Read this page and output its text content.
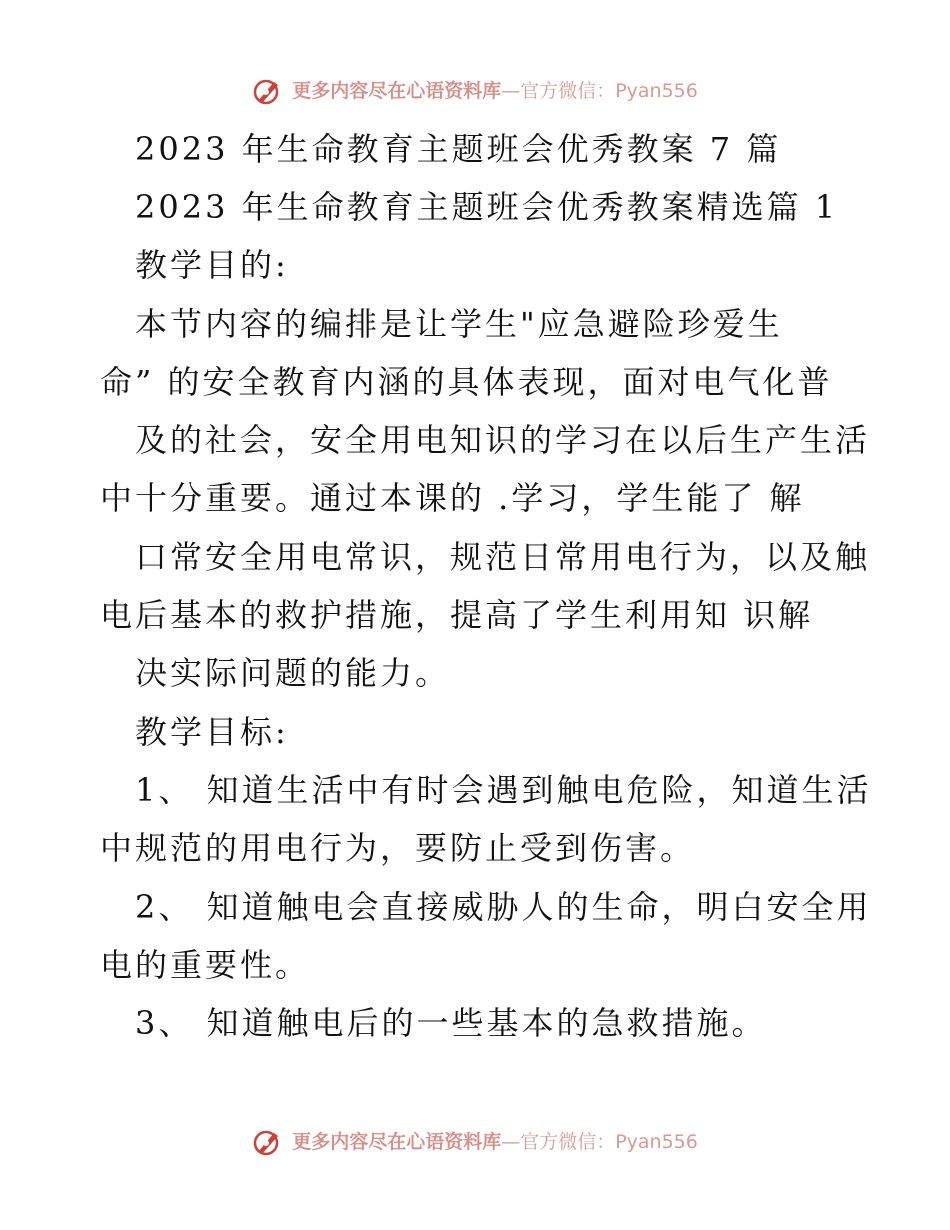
更多内容尽在心语资料库—官方微信：Pyan556
2023 年生命教育主题班会优秀教案 7 篇
2023 年生命教育主题班会优秀教案精选篇 1
教学目的:
本节内容的编排是让学生"应急避险珍爱生
命” 的安全教育内涵的具体表现，面对电气化普
及的社会，安全用电知识的学习在以后生产生活
中十分重要。通过本课的 .学习，学生能了 解
口常安全用电常识，规范日常用电行为，以及触
电后基本的救护措施，提高了学生利用知 识解
决实际问题的能力。
教学目标:
1、 知道生活中有时会遇到触电危险，知道生活
中规范的用电行为，要防止受到伤害。
2、 知道触电会直接威胁人的生命，明白安全用
电的重要性。
3、 知道触电后的一些基本的急救措施。
更多内容尽在心语资料库—官方微信：Pyan556
